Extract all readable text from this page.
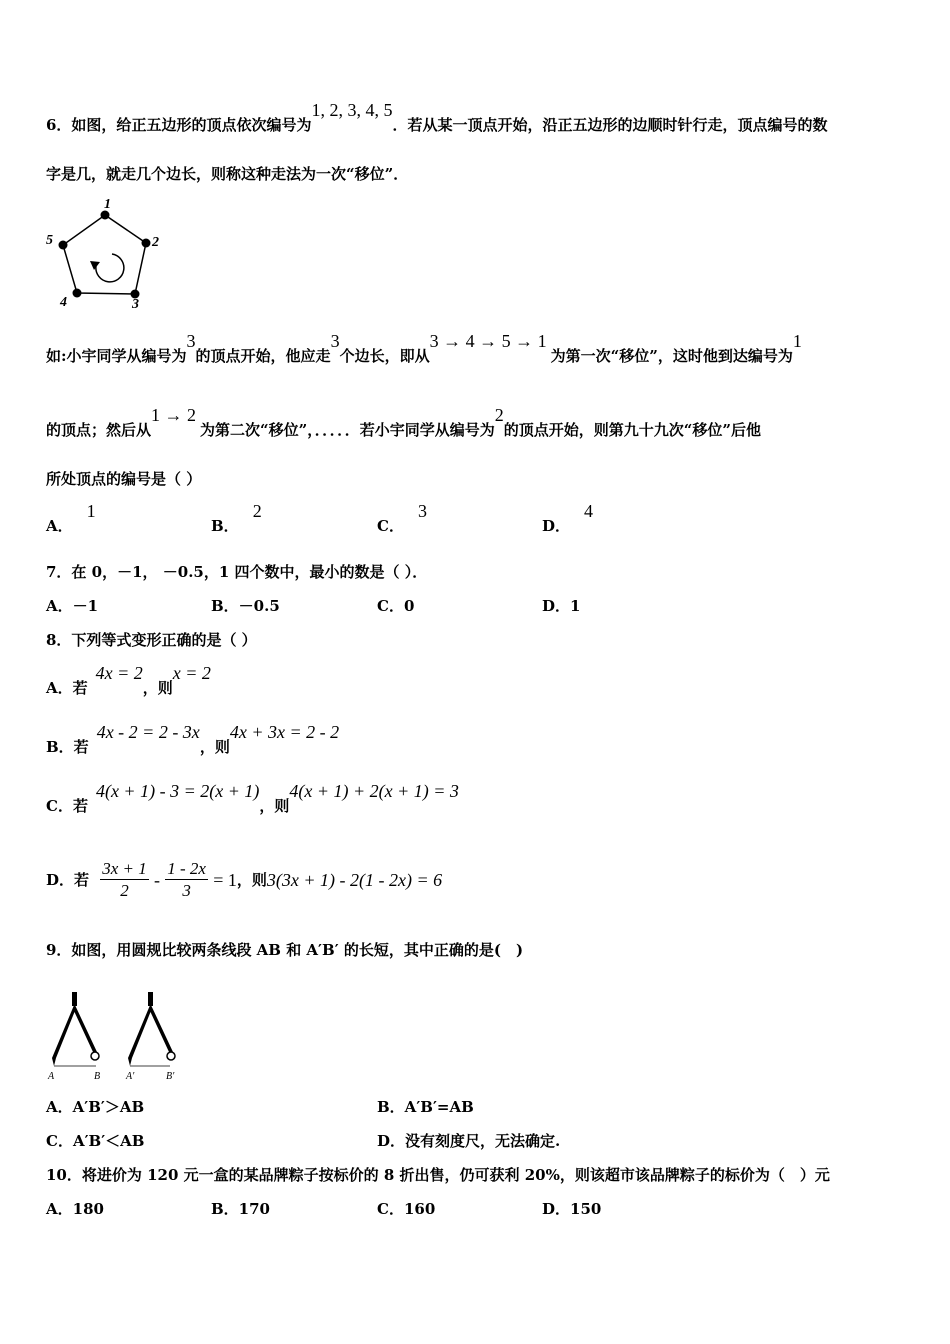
6．如图，给正五边形的顶点依次编号为1, 2, 3, 4, 5．若从某一顶点开始，沿正五边形的边顺时针行走，顶点编号的数
字是几，就走几个边长，则称这种走法为一次“移位”．
1
2
3
4
5
如:小宇同学从编号为3的顶点开始，他应走3个边长，即从3 → 4 → 5 → 1为第一次“移位”，这时他到达编号为1
的顶点；然后从1 → 2为第二次“移位”，．．．．．若小宇同学从编号为2的顶点开始，则第九十九次“移位”后他
所处顶点的编号是（ ）
A．1
B．2
C．3
D．4
7．在 0，－1， －0.5，1 四个数中，最小的数是（ ）．
A．－1	B．－0.5	C．0	D．1
8．下列等式变形正确的是（ ）
A．若4x = 2，则x = 2
B．若4x - 2 = 2 - 3x，则4x + 3x = 2 - 2
C．若4(x + 1) - 3 = 2(x + 1)，则4(x + 1) + 2(x + 1) = 3
D．若 $\frac{3x + 1}{2} - \frac{1 - 2x}{3} = 1$，则3(3x + 1) - 2(1 - 2x) = 6
9．如图，用圆规比较两条线段 AB 和 A′B′ 的长短，其中正确的是(　)
A	B	A′	B′
A．A′B′＞AB	B．A′B′=AB
C．A′B′＜AB	D．没有刻度尺，无法确定.
10．将进价为 120 元一盒的某品牌粽子按标价的 8 折出售，仍可获利 20%，则该超市该品牌粽子的标价为（　）元
A．180	B．170	C．160	D．150
